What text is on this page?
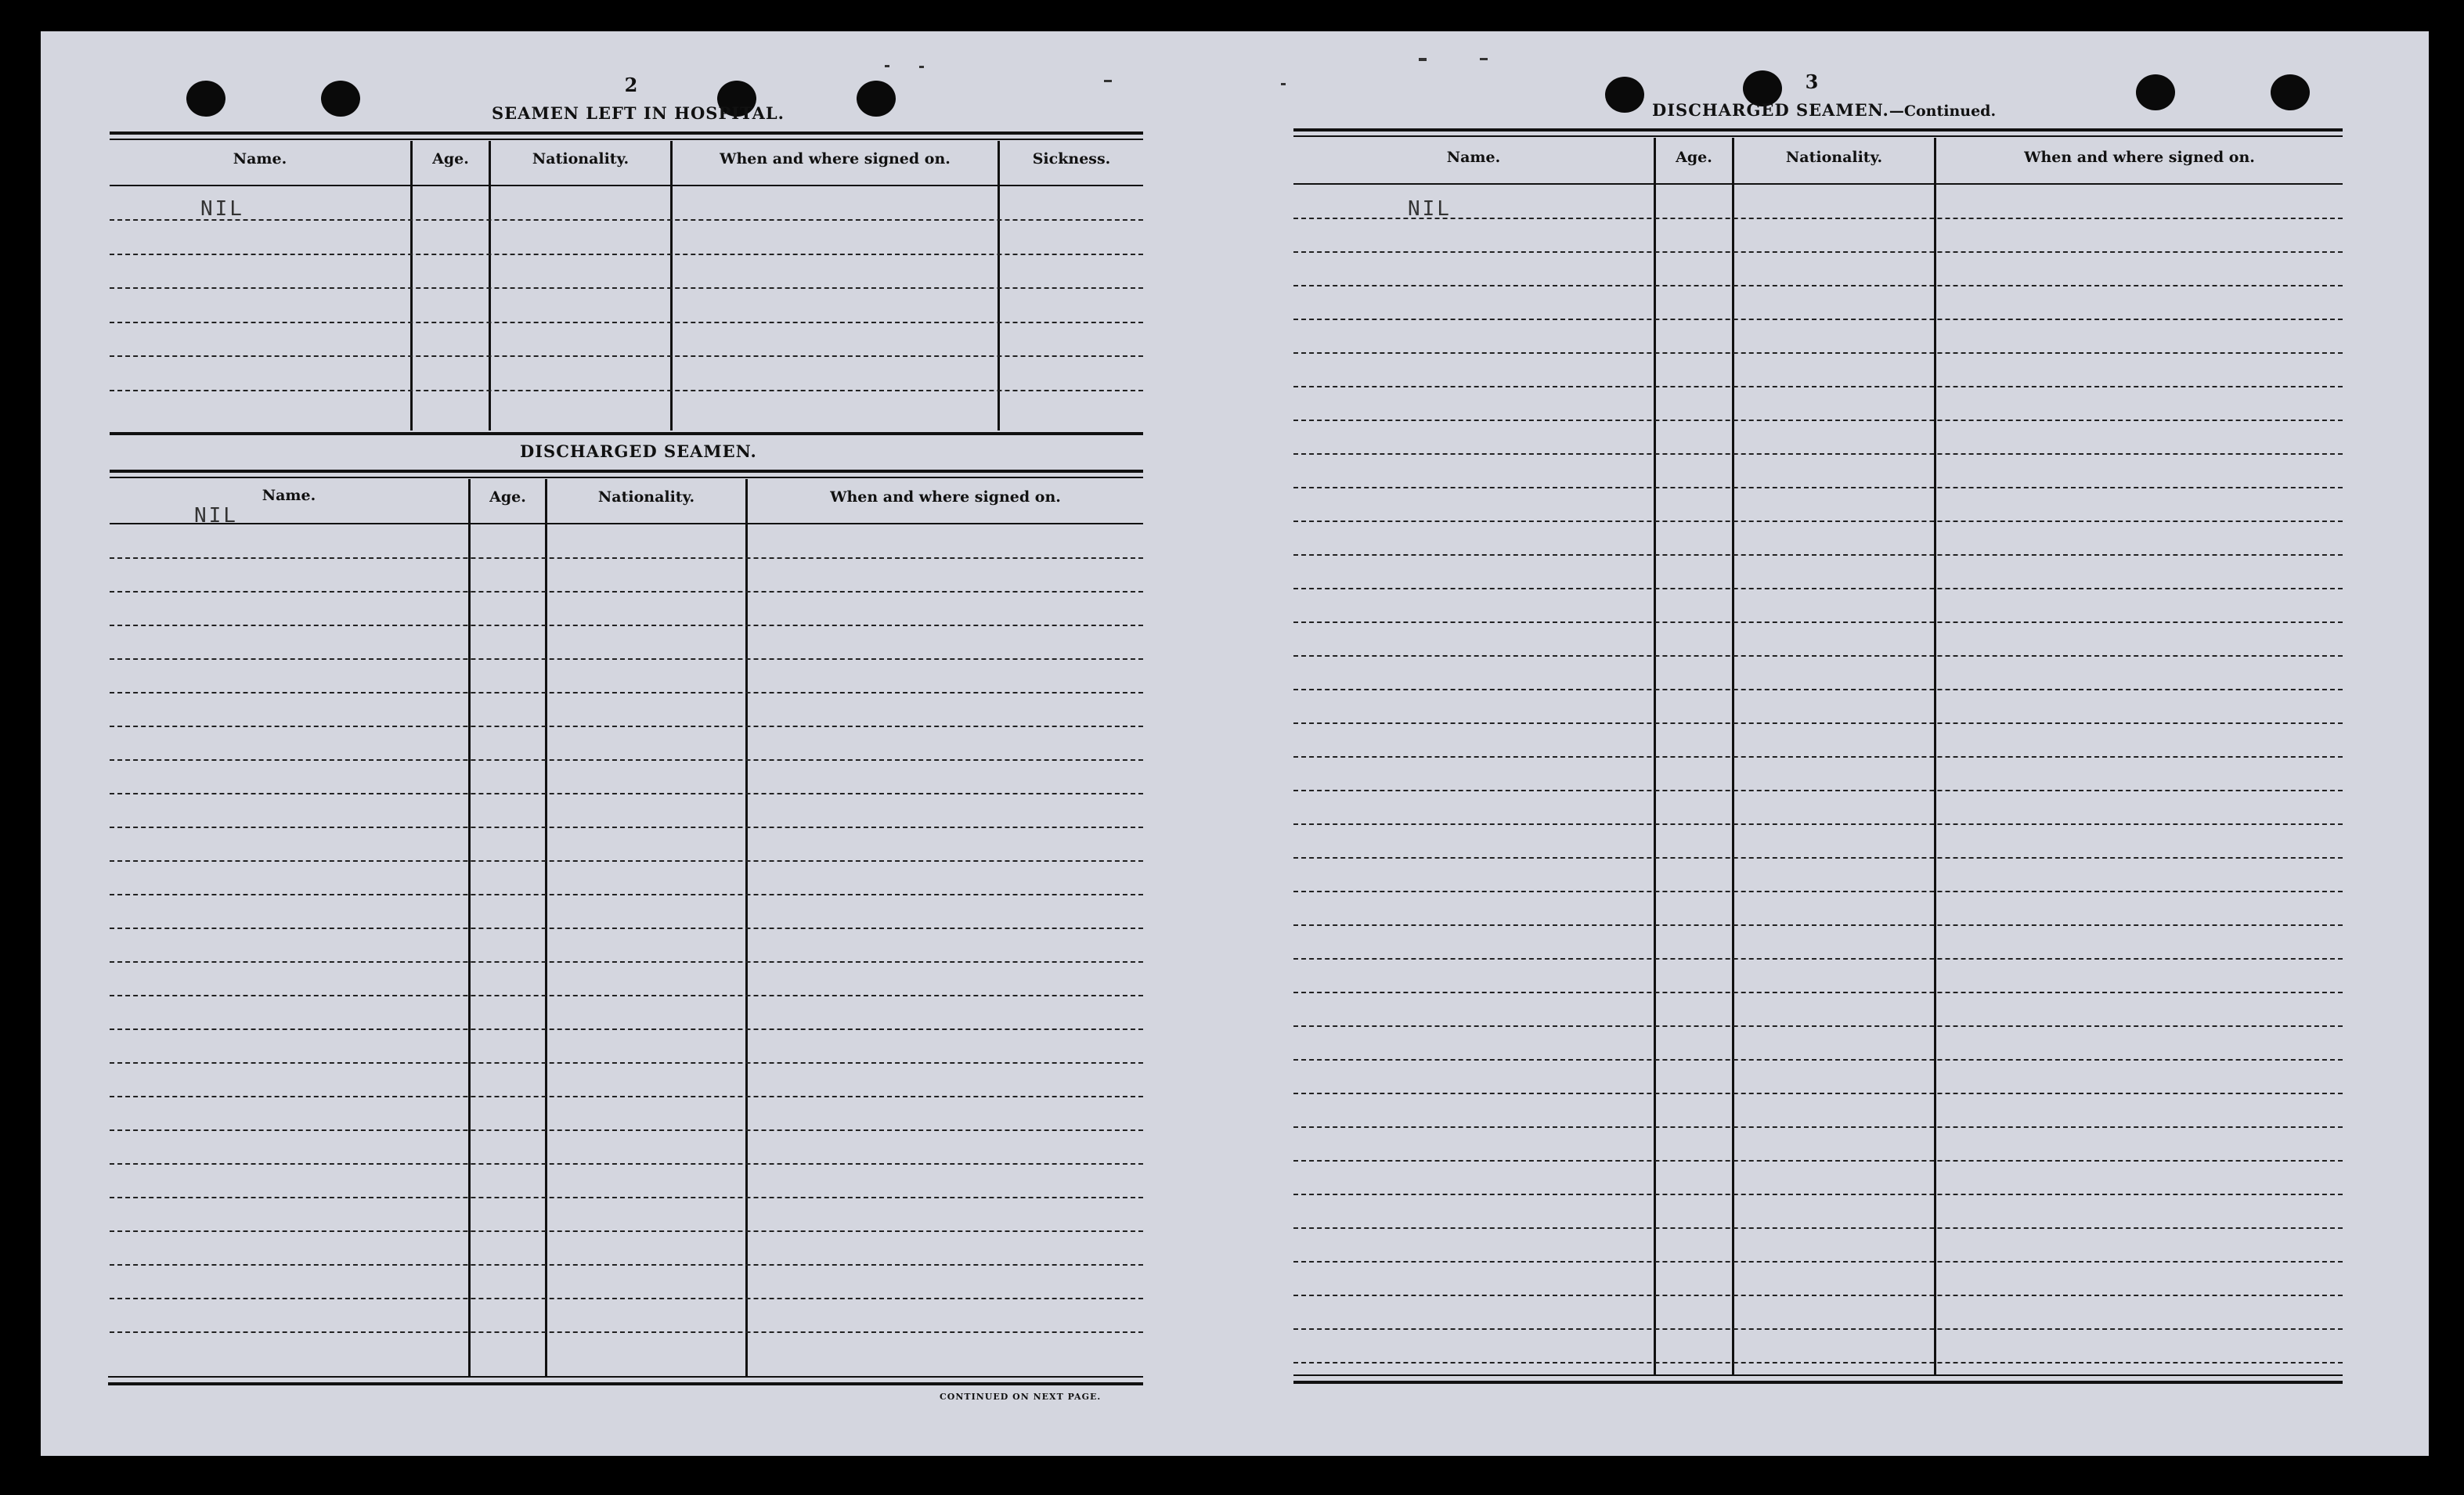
2
SEAMEN LEFT IN HOSPITAL.
Name.	Age.	Nationality.	When and where signed on.	Sickness.
NIL
DISCHARGED SEAMEN.
Name.	Age.	Nationality.	When and where signed on.
NIL
CONTINUED ON NEXT PAGE.
3
DISCHARGED SEAMEN.—Continued.
Name.	Age.	Nationality.	When and where signed on.
NIL
